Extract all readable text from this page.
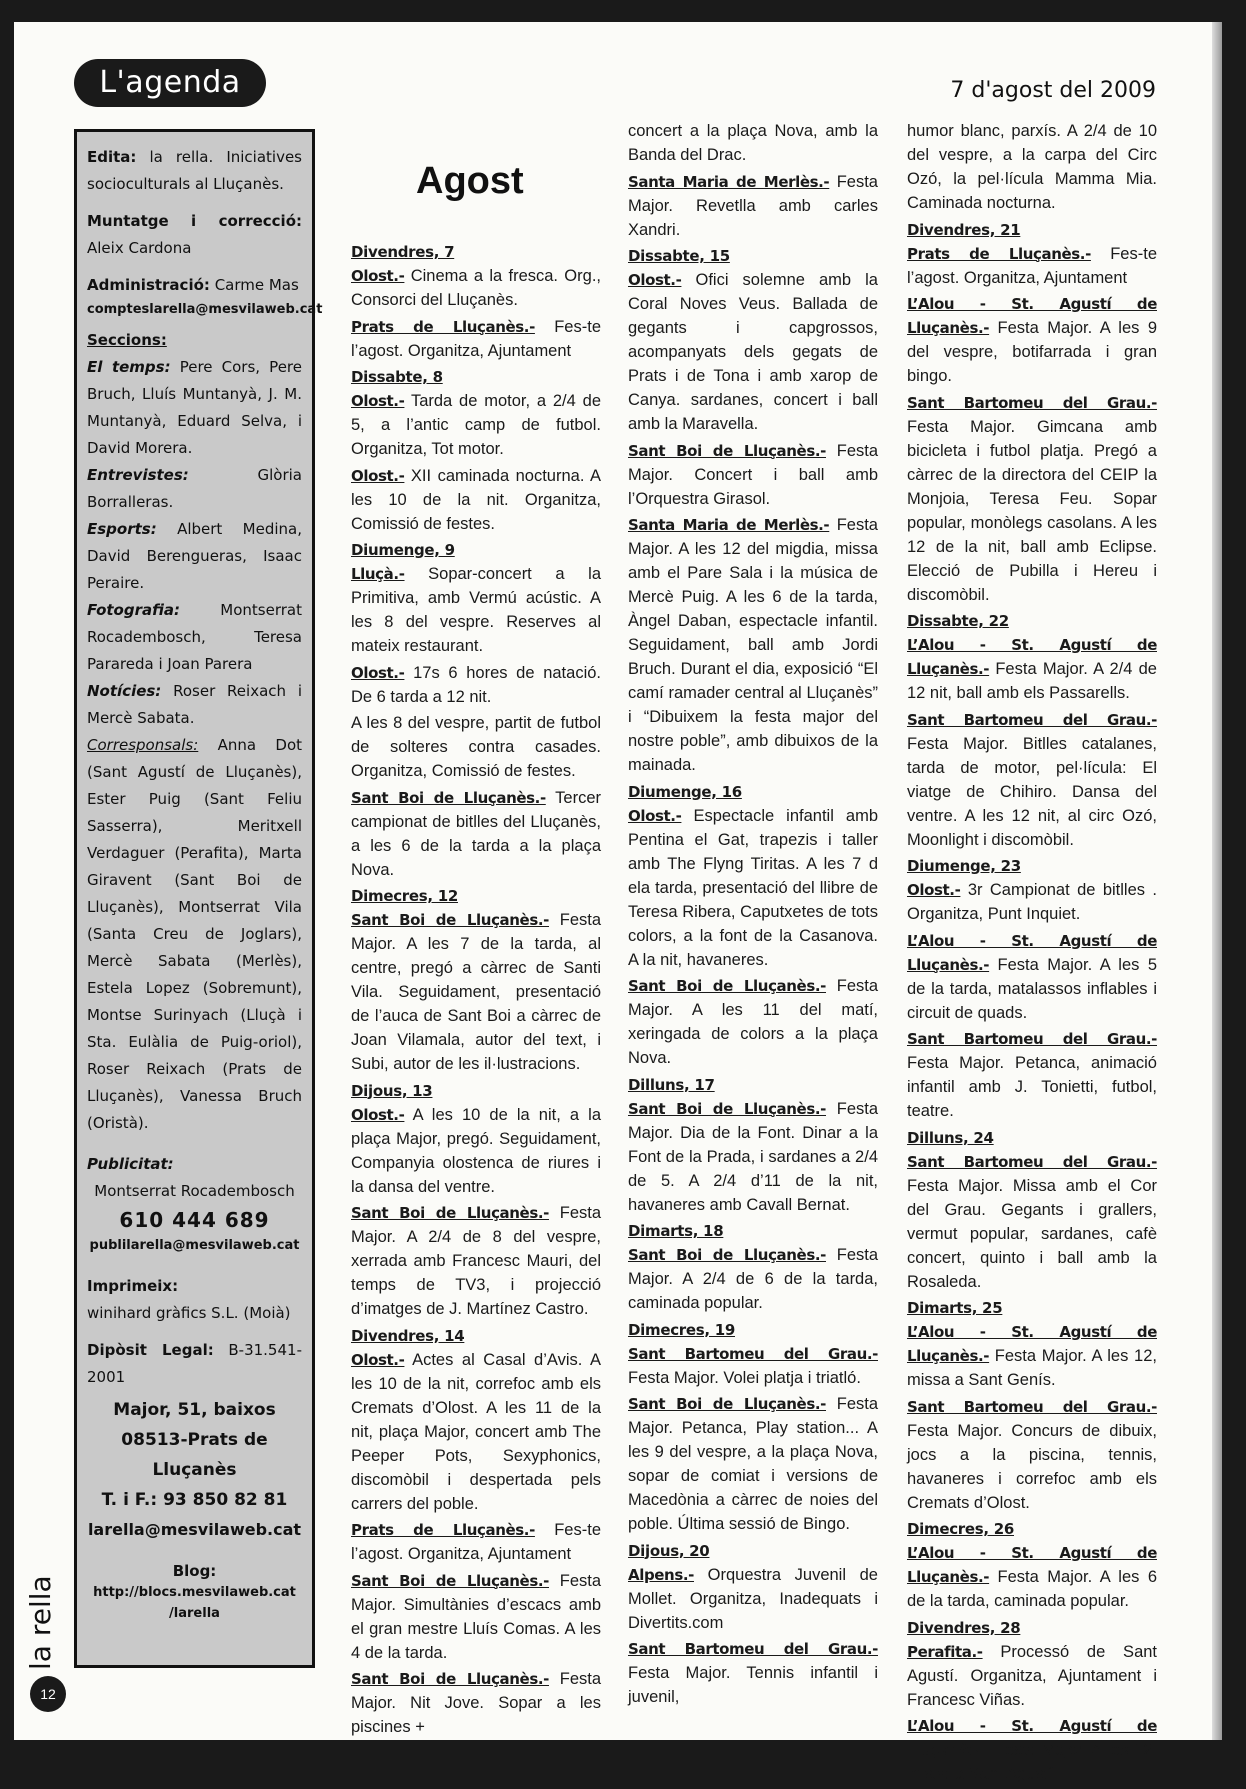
L'agenda	7 d'agost del 2009
Agost

Edita: la rella. Iniciatives socioculturals al Lluçanès.

Muntatge i correcció: Aleix Cardona

Administració: Carme Mas

compteslarella@mesvilaweb.cat

Seccions:

El temps: Pere Cors, Pere Bruch, Lluís Muntanyà, J. M. Muntanyà, Eduard Selva, i David Morera.

Entrevistes:	Glòria Borralleras.

Esports: Albert Medina, David Berengueras, Isaac Peraire.

Fotografia:	Montserrat Rocadembosch, Teresa Parareda i Joan Parera

Notícies: Roser Reixach i Mercè Sabata.

Corresponsals: Anna Dot (Sant Agustí de Lluçanès), Ester Puig (Sant Feliu Sasserra), Meritxell Verdaguer (Perafita), Marta Giravent (Sant Boi de Lluçanès), Montserrat Vila (Santa Creu de Joglars), Mercè Sabata (Merlès), Estela Lopez (Sobremunt), Montse Surinyach (Lluçà i Sta. Eulàlia de Puig-oriol), Roser Reixach (Prats de Lluçanès), Vanessa Bruch (Oristà).

Publicitat:

Montserrat Rocadembosch

610 444 689

publilarella@mesvilaweb.cat

Imprimeix:

winihard gràfics S.L. (Moià)

Dipòsit Legal: B-31.541-2001

Major, 51, baixos

08513-Prats de Lluçanès

T. i F.: 93 850 82 81

larella@mesvilaweb.cat

Blog:

http://blocs.mesvilaweb.cat

/larella

la rella
12
Divendres, 7
Olost.- Cinema a la fresca. Org., Consorci del Lluçanès.
Prats de Lluçanès.- Fes-te l’agost. Organitza, Ajuntament
Dissabte, 8
Olost.- Tarda de motor, a 2/4 de 5, a l’antic camp de futbol. Organitza, Tot motor.
Olost.- XII caminada nocturna. A les 10 de la nit. Organitza, Comissió de festes.
Diumenge, 9
Lluçà.- Sopar-concert a la Primitiva, amb Vermú acústic. A les 8 del vespre. Reserves al mateix restaurant.
Olost.- 17s 6 hores de natació. De 6 tarda a 12 nit.
A les 8 del vespre, partit de futbol de solteres contra casades. Organitza, Comissió de festes.
Sant Boi de Lluçanès.- Tercer campionat de bitlles del Lluçanès, a les 6 de la tarda a la plaça Nova.
Dimecres, 12
Sant Boi de Lluçanès.- Festa Major. A les 7 de la tarda, al centre, pregó a càrrec de Santi Vila. Seguidament, presentació de l’auca de Sant Boi a càrrec de Joan Vilamala, autor del text, i Subi, autor de les il·lustracions.
Dijous, 13
Olost.- A les 10 de la nit, a la plaça Major, pregó. Seguidament, Companyia olostenca de riures i la dansa del ventre.
Sant Boi de Lluçanès.- Festa Major. A 2/4 de 8 del vespre, xerrada amb Francesc Mauri, del temps de TV3, i projecció d’imatges de J. Martínez Castro.
Divendres, 14
Olost.- Actes al Casal d’Avis. A les 10 de la nit, correfoc amb els Cremats d’Olost. A les 11 de la nit, plaça Major, concert amb The Peeper Pots, Sexyphonics, discomòbil i despertada pels carrers del poble.
Prats de Lluçanès.- Fes-te l’agost. Organitza, Ajuntament
Sant Boi de Lluçanès.- Festa Major. Simultànies d’escacs amb el gran mestre Lluís Comas. A les 4 de la tarda.
Sant Boi de Lluçanès.- Festa Major. Nit Jove. Sopar a les piscines +
concert a la plaça Nova, amb la Banda del Drac.
Santa Maria de Merlès.- Festa Major. Revetlla amb carles Xandri.
Dissabte, 15
Olost.- Ofici solemne amb la Coral Noves Veus. Ballada de gegants i capgrossos, acompanyats dels gegats de Prats i de Tona i amb xarop de Canya. sardanes, concert i ball amb la Maravella.
Sant Boi de Lluçanès.- Festa Major. Concert i ball amb l’Orquestra Girasol.
Santa Maria de Merlès.- Festa Major. A les 12 del migdia, missa amb el Pare Sala i la música de Mercè Puig. A les 6 de la tarda, Àngel Daban, espectacle infantil. Seguidament, ball amb Jordi Bruch. Durant el dia, exposició “El camí ramader central al Lluçanès” i “Dibuixem la festa major del nostre poble”, amb dibuixos de la mainada.
Diumenge, 16
Olost.- Espectacle infantil amb Pentina el Gat, trapezis i taller amb The Flyng Tiritas. A les 7 d ela tarda, presentació del llibre de Teresa Ribera, Caputxetes de tots colors, a la font de la Casanova. A la nit, havaneres.
Sant Boi de Lluçanès.- Festa Major. A les 11 del matí, xeringada de colors a la plaça Nova.
Dilluns, 17
Sant Boi de Lluçanès.- Festa Major. Dia de la Font. Dinar a la Font de la Prada, i sardanes a 2/4 de 5. A 2/4 d’11 de la nit, havaneres amb Cavall Bernat.
Dimarts, 18
Sant Boi de Lluçanès.- Festa Major. A 2/4 de 6 de la tarda, caminada popular.
Dimecres, 19
Sant Bartomeu del Grau.- Festa Major. Volei platja i triatló.
Sant Boi de Lluçanès.- Festa Major. Petanca, Play station... A les 9 del vespre, a la plaça Nova, sopar de comiat i versions de Macedònia a càrrec de noies del poble. Última sessió de Bingo.
Dijous, 20
Alpens.- Orquestra Juvenil de Mollet. Organitza, Inadequats i Divertits.com
Sant Bartomeu del Grau.- Festa Major. Tennis infantil i juvenil,
humor blanc, parxís. A 2/4 de 10 del vespre, a la carpa del Circ Ozó, la pel·lícula Mamma Mia. Caminada nocturna.
Divendres, 21
Prats de Lluçanès.- Fes-te l’agost. Organitza, Ajuntament
L’Alou - St. Agustí de Lluçanès.- Festa Major. A les 9 del vespre, botifarrada i gran bingo.
Sant Bartomeu del Grau.- Festa Major. Gimcana amb bicicleta i futbol platja. Pregó a càrrec de la directora del CEIP la Monjoia, Teresa Feu. Sopar popular, monòlegs casolans. A les 12 de la nit, ball amb Eclipse. Elecció de Pubilla i Hereu i discomòbil.
Dissabte, 22
L’Alou - St. Agustí de Lluçanès.- Festa Major. A 2/4 de 12 nit, ball amb els Passarells.
Sant Bartomeu del Grau.- Festa Major. Bitlles catalanes, tarda de motor, pel·lícula: El viatge de Chihiro. Dansa del ventre. A les 12 nit, al circ Ozó, Moonlight i discomòbil.
Diumenge, 23
Olost.- 3r Campionat de bitlles . Organitza, Punt Inquiet.
L’Alou - St. Agustí de Lluçanès.- Festa Major. A les 5 de la tarda, matalassos inflables i circuit de quads.
Sant Bartomeu del Grau.- Festa Major. Petanca, animació infantil amb J. Tonietti, futbol, teatre.
Dilluns, 24
Sant Bartomeu del Grau.- Festa Major. Missa amb el Cor del Grau. Gegants i grallers, vermut popular, sardanes, cafè concert, quinto i ball amb la Rosaleda.
Dimarts, 25
L’Alou - St. Agustí de Lluçanès.- Festa Major. A les 12, missa a Sant Genís.
Sant Bartomeu del Grau.- Festa Major. Concurs de dibuix, jocs a la piscina, tennis, havaneres i correfoc amb els Cremats d’Olost.
Dimecres, 26
L’Alou - St. Agustí de Lluçanès.- Festa Major. A les 6 de la tarda, caminada popular.
Divendres, 28
Perafita.- Processó de Sant Agustí. Organitza, Ajuntament i Francesc Viñas.
L’Alou - St. Agustí de Lluçanès.- Festa Major. A les 12, missa a Sant Agustí.
